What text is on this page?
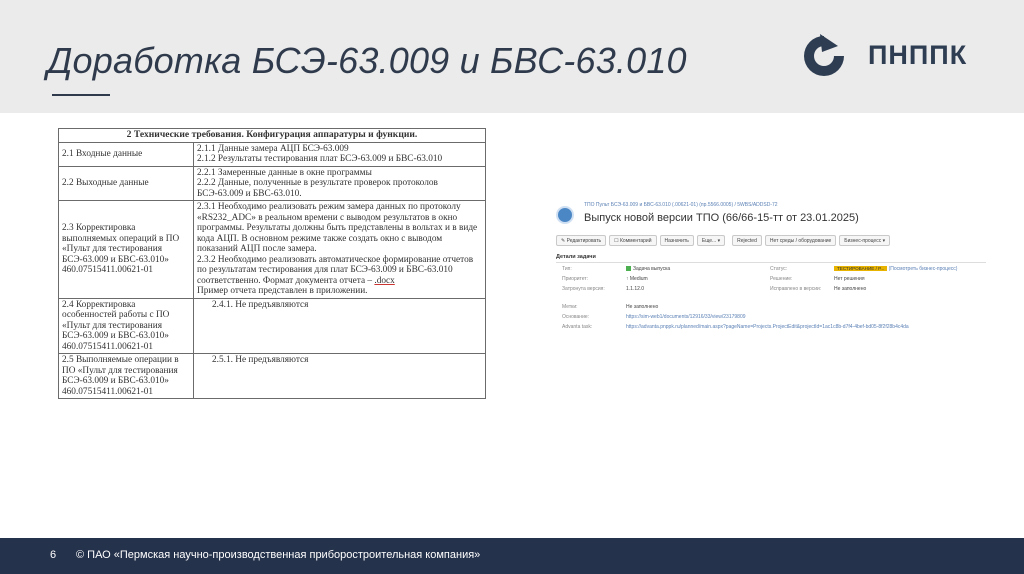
Доработка БСЭ-63.009 и БВС-63.010	ПНППК
2 Технические требования. Конфигурация аппаратуры и функции.	
2.1 Входные данные	2.1.1 Данные замера АЦП БСЭ-63.009
2.1.2 Результаты тестирования плат БСЭ-63.009 и БВС-63.010

2.2 Выходные данные	2.2.1 Замеренные данные в окне программы
2.2.2 Данные, полученные в результате проверок протоколов БСЭ-63.009 и БВС-63.010.

2.3 Корректировка выполняемых операций в ПО «Пульт для тестирования БСЭ-63.009 и БВС-63.010» 460.07515411.00621-01	2.3.1 Необходимо реализовать режим замера данных по протоколу «RS232_ADC» в реальном времени с выводом результатов в окно программы. Результаты должны быть представлены в вольтах и в виде кода АЦП. В основном режиме также создать окно с выводом показаний АЦП после замера.
2.3.2 Необходимо реализовать автоматическое формирование отчетов по результатам тестирования для плат БСЭ-63.009 и БВС-63.010 соответственно. Формат документа отчета – .docx
Пример отчета представлен в приложении.

2.4 Корректировка особенностей работы с ПО «Пульт для тестирования БСЭ-63.009 и БВС-63.010» 460.07515411.00621-01	2.4.1. Не предъявляются

2.5 Выполняемые операции в ПО «Пульт для тестирования БСЭ-63.009 и БВС-63.010» 460.07515411.00621-01	2.5.1. Не предъявляются
ТПО Пульт БСЭ-63.009 и БВС-63.010 (.00621-01) (пр.5566.0005) / 5WBS/ADDSD-72
Выпуск новой версии ТПО (66/66-15-тт от 23.01.2025)
✎ Редактировать	☐ Комментарий	Назначить	Еще... ▾	Rejected	Нет среды / оборудование	Бизнес-процесс ▾
Детали задачи
Тип:	Задача выпуска
Приоритет:	↑ Medium
Затронута версия:	1.1.12.0
Статус:	ТЕСТИРОВАНИЕ / Р... (Посмотреть бизнес-процесс)
Решение:	Нет решения
Исправлено в версии:	Не заполнено
Метки:	Не заполнено
Основание:	https://sim-web1/documents/12916/33/view/23179809
Advanta task:	https://advanta.pnppk.ru/planned/main.aspx?pageName=Projects.ProjectEdit&projectId=1ac1c8b-d7f4-4bef-bd05-8f2f28b4c4da
6 © ПАО «Пермская научно-производственная приборостроительная компания»
